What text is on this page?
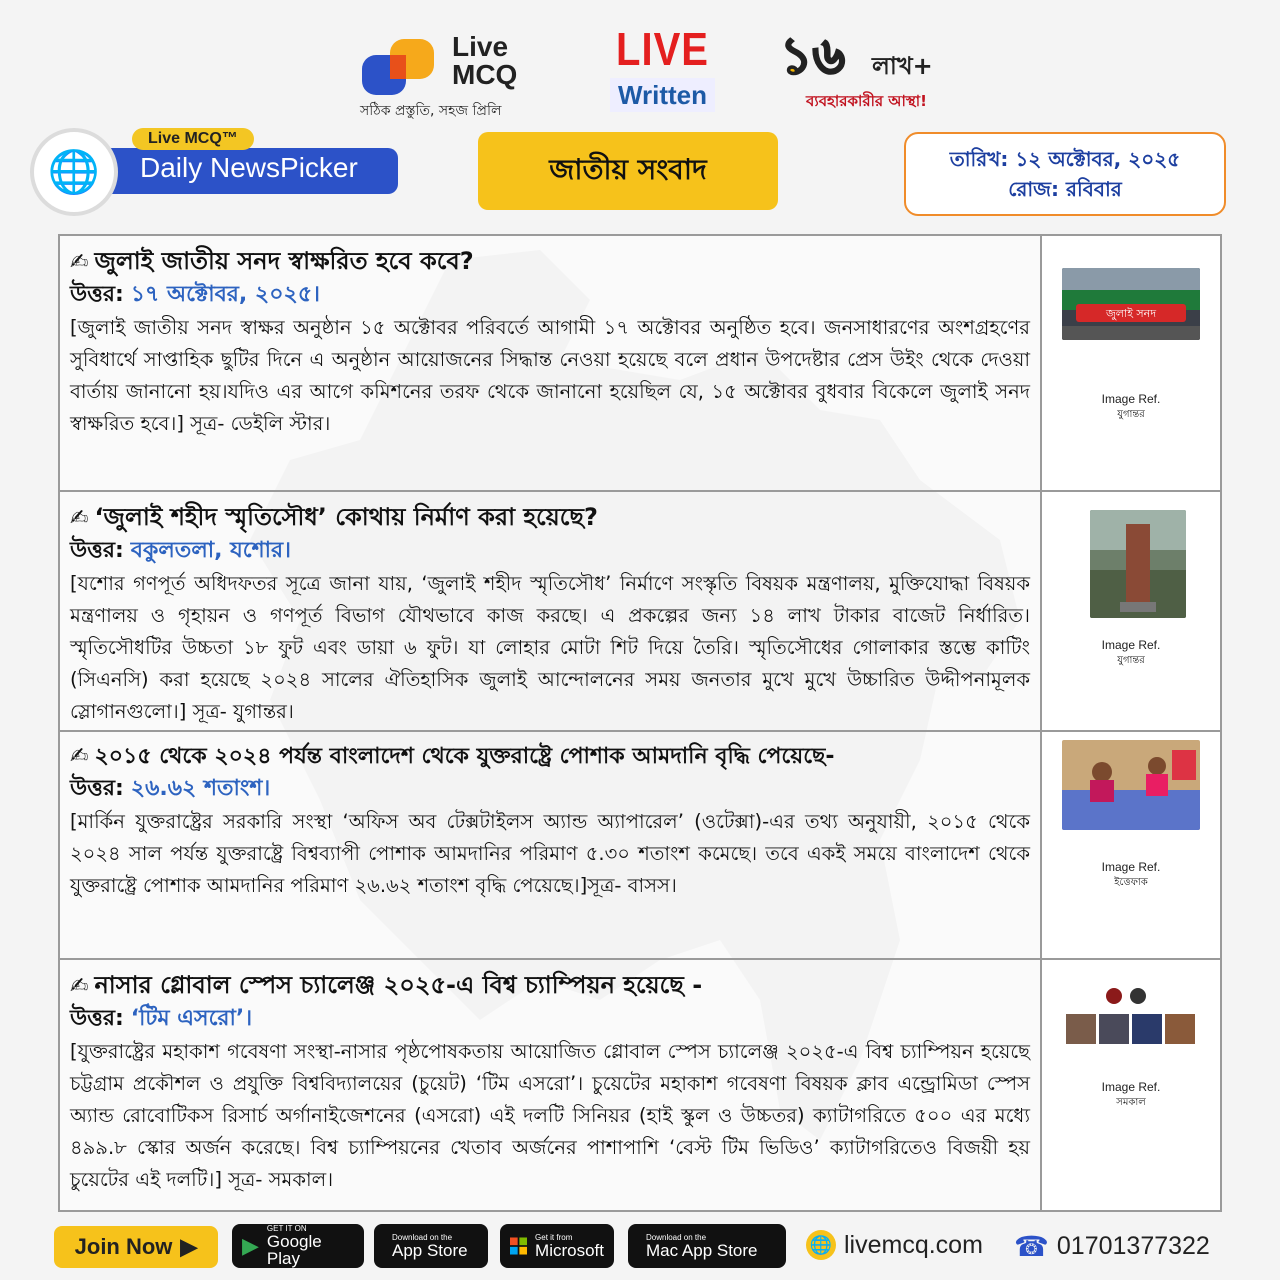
Live
MCQ
সঠিক প্রস্তুতি, সহজ প্রিলি
LIVE
Written
১৬ লাখ+
ব্যবহারকারীর আস্থা!
Daily NewsPicker
🌐
Live MCQ™
জাতীয় সংবাদ	তারিখ: ১২ অক্টোবর, ২০২৫
রোজ: রবিবার
✍ জুলাই জাতীয় সনদ স্বাক্ষরিত হবে কবে?
উত্তর: ১৭ অক্টোবর, ২০২৫।
[জুলাই জাতীয় সনদ স্বাক্ষর অনুষ্ঠান ১৫ অক্টোবর পরিবর্তে আগামী ১৭ অক্টোবর অনুষ্ঠিত হবে। জনসাধারণের অংশগ্রহণের সুবিধার্থে সাপ্তাহিক ছুটির দিনে এ অনুষ্ঠান আয়োজনের সিদ্ধান্ত নেওয়া হয়েছে বলে প্রধান উপদেষ্টার প্রেস উইং থেকে দেওয়া বার্তায় জানানো হয়।যদিও এর আগে কমিশনের তরফ থেকে জানানো হয়েছিল যে, ১৫ অক্টোবর বুধবার বিকেলে জুলাই সনদ স্বাক্ষরিত হবে।] সূত্র- ডেইলি স্টার।
জুলাই সনদ
Image Ref.
যুগান্তর
✍ ‘জুলাই শহীদ স্মৃতিসৌধ’ কোথায় নির্মাণ করা হয়েছে?
উত্তর: বকুলতলা, যশোর।
[যশোর গণপূর্ত অধিদফতর সূত্রে জানা যায়, ‘জুলাই শহীদ স্মৃতিসৌধ’ নির্মাণে সংস্কৃতি বিষয়ক মন্ত্রণালয়, মুক্তিযোদ্ধা বিষয়ক মন্ত্রণালয় ও গৃহায়ন ও গণপূর্ত বিভাগ যৌথভাবে কাজ করছে। এ প্রকল্পের জন্য ১৪ লাখ টাকার বাজেট নির্ধারিত। স্মৃতিসৌধটির উচ্চতা ১৮ ফুট এবং ডায়া ৬ ফুট। যা লোহার মোটা শিট দিয়ে তৈরি। স্মৃতিসৌধের গোলাকার স্তম্ভে কাটিং (সিএনসি) করা হয়েছে ২০২৪ সালের ঐতিহাসিক জুলাই আন্দোলনের সময় জনতার মুখে মুখে উচ্চারিত উদ্দীপনামূলক স্লোগানগুলো।] সূত্র- যুগান্তর।
Image Ref.
যুগান্তর
✍ ২০১৫ থেকে ২০২৪ পর্যন্ত বাংলাদেশ থেকে যুক্তরাষ্ট্রে পোশাক আমদানি বৃদ্ধি পেয়েছে-
উত্তর: ২৬.৬২ শতাংশ।
[মার্কিন যুক্তরাষ্ট্রের সরকারি সংস্থা ‘অফিস অব টেক্সটাইলস অ্যান্ড অ্যাপারেল’ (ওটেক্সা)-এর তথ্য অনুযায়ী, ২০১৫ থেকে ২০২৪ সাল পর্যন্ত যুক্তরাষ্ট্রে বিশ্বব্যাপী পোশাক আমদানির পরিমাণ ৫.৩০ শতাংশ কমেছে। তবে একই সময়ে বাংলাদেশ থেকে যুক্তরাষ্ট্রে পোশাক আমদানির পরিমাণ ২৬.৬২ শতাংশ বৃদ্ধি পেয়েছে।]সূত্র- বাসস।
Image Ref.
ইত্তেফাক
✍ নাসার গ্লোবাল স্পেস চ্যালেঞ্জ ২০২৫-এ বিশ্ব চ্যাম্পিয়ন হয়েছে -
উত্তর: ‘টিম এসরো’।
[যুক্তরাষ্ট্রের মহাকাশ গবেষণা সংস্থা-নাসার পৃষ্ঠপোষকতায় আয়োজিত গ্লোবাল স্পেস চ্যালেঞ্জ ২০২৫-এ বিশ্ব চ্যাম্পিয়ন হয়েছে চট্টগ্রাম প্রকৌশল ও প্রযুক্তি বিশ্ববিদ্যালয়ের (চুয়েট) ‘টিম এসরো’। চুয়েটের মহাকাশ গবেষণা বিষয়ক ক্লাব এন্ড্রোমিডা স্পেস অ্যান্ড রোবোটিকস রিসার্চ অর্গানাইজেশনের (এসরো) এই দলটি সিনিয়র (হাই স্কুল ও উচ্চতর) ক্যাটাগরিতে ৫০০ এর মধ্যে ৪৯৯.৮ স্কোর অর্জন করেছে। বিশ্ব চ্যাম্পিয়নের খেতাব অর্জনের পাশাপাশি ‘বেস্ট টিম ভিডিও’ ক্যাটাগরিতেও বিজয়ী হয় চুয়েটের এই দলটি।] সূত্র- সমকাল।
Image Ref.
সমকাল
Join Now ▶ ▶
GET IT ON
Google Play
Download on the
App Store
Get it from
Microsoft
Download on the
Mac App Store	🌐 livemcq.com ☎ 01701377322
